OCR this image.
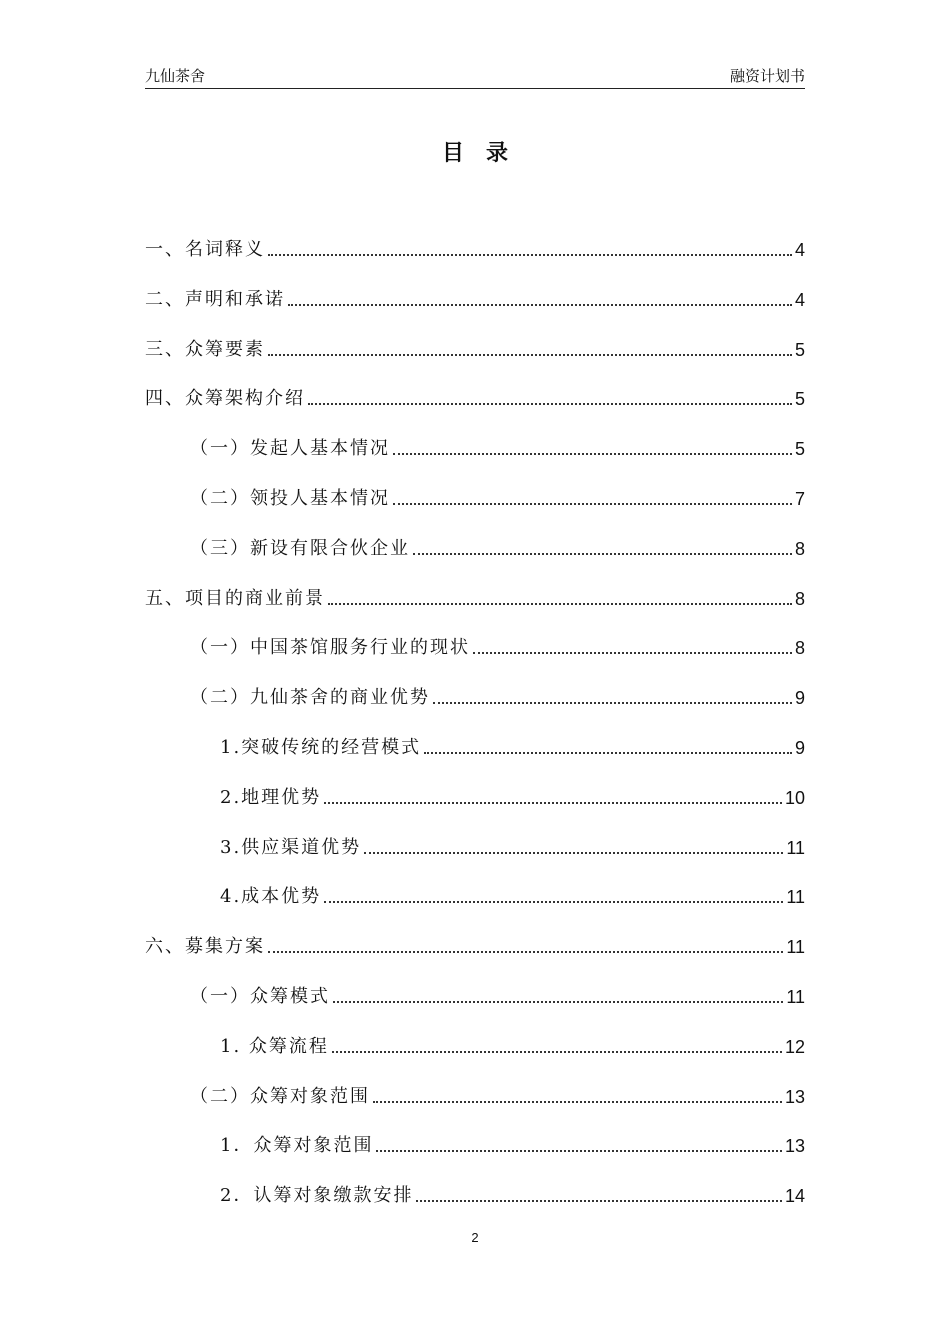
九仙茶舍	融资计划书
目录
一、名词释义	4
二、声明和承诺	4
三、众筹要素	5
四、众筹架构介绍	5
（一）发起人基本情况	5
（二）领投人基本情况	7
（三）新设有限合伙企业	8
五、项目的商业前景	8
（一）中国茶馆服务行业的现状	8
（二）九仙茶舍的商业优势	9
1.突破传统的经营模式	9
2.地理优势	10
3.供应渠道优势	11
4.成本优势	11
六、募集方案	11
（一）众筹模式	11
1. 众筹流程	12
（二）众筹对象范围	13
1．众筹对象范围	13
2．认筹对象缴款安排	14
2
